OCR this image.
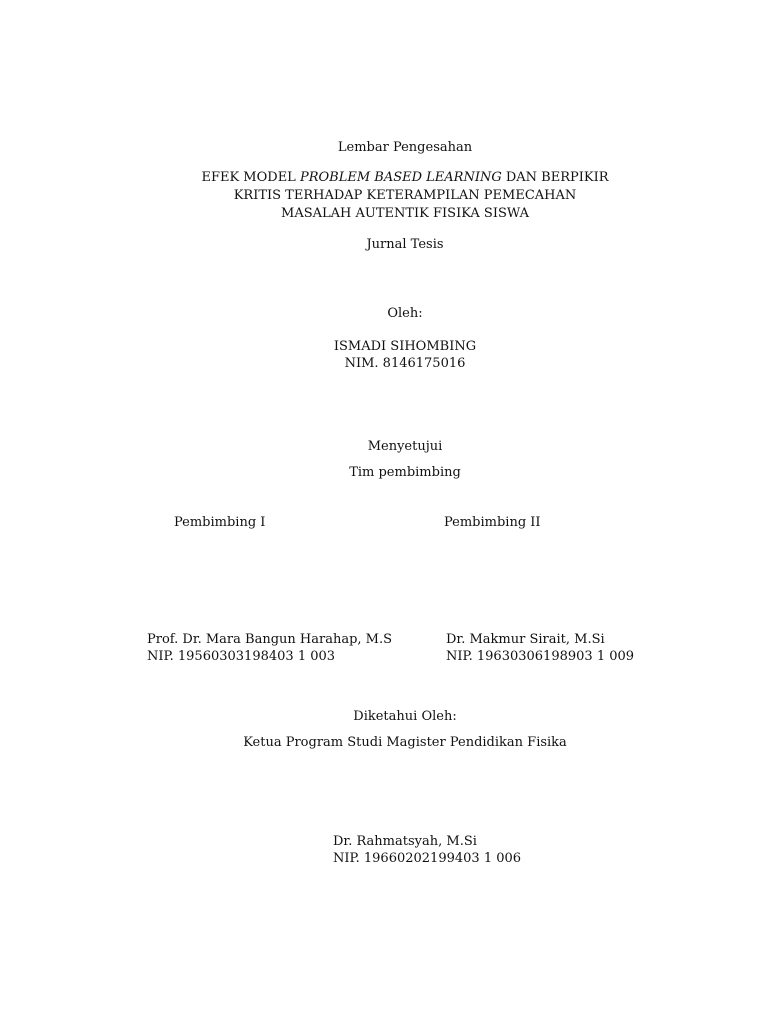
Lembar Pengesahan
EFEK MODEL PROBLEM BASED LEARNING DAN BERPIKIR
KRITIS TERHADAP KETERAMPILAN PEMECAHAN
MASALAH AUTENTIK FISIKA SISWA
Jurnal Tesis
Oleh:
ISMADI SIHOMBING
NIM. 8146175016
Menyetujui
Tim pembimbing
Pembimbing I	Pembimbing II
Prof. Dr. Mara Bangun Harahap, M.S
NIP. 19560303198403 1 003
Dr. Makmur Sirait, M.Si
NIP. 19630306198903 1 009
Diketahui Oleh:
Ketua Program Studi Magister Pendidikan Fisika
Dr. Rahmatsyah, M.Si
NIP. 19660202199403 1 006
